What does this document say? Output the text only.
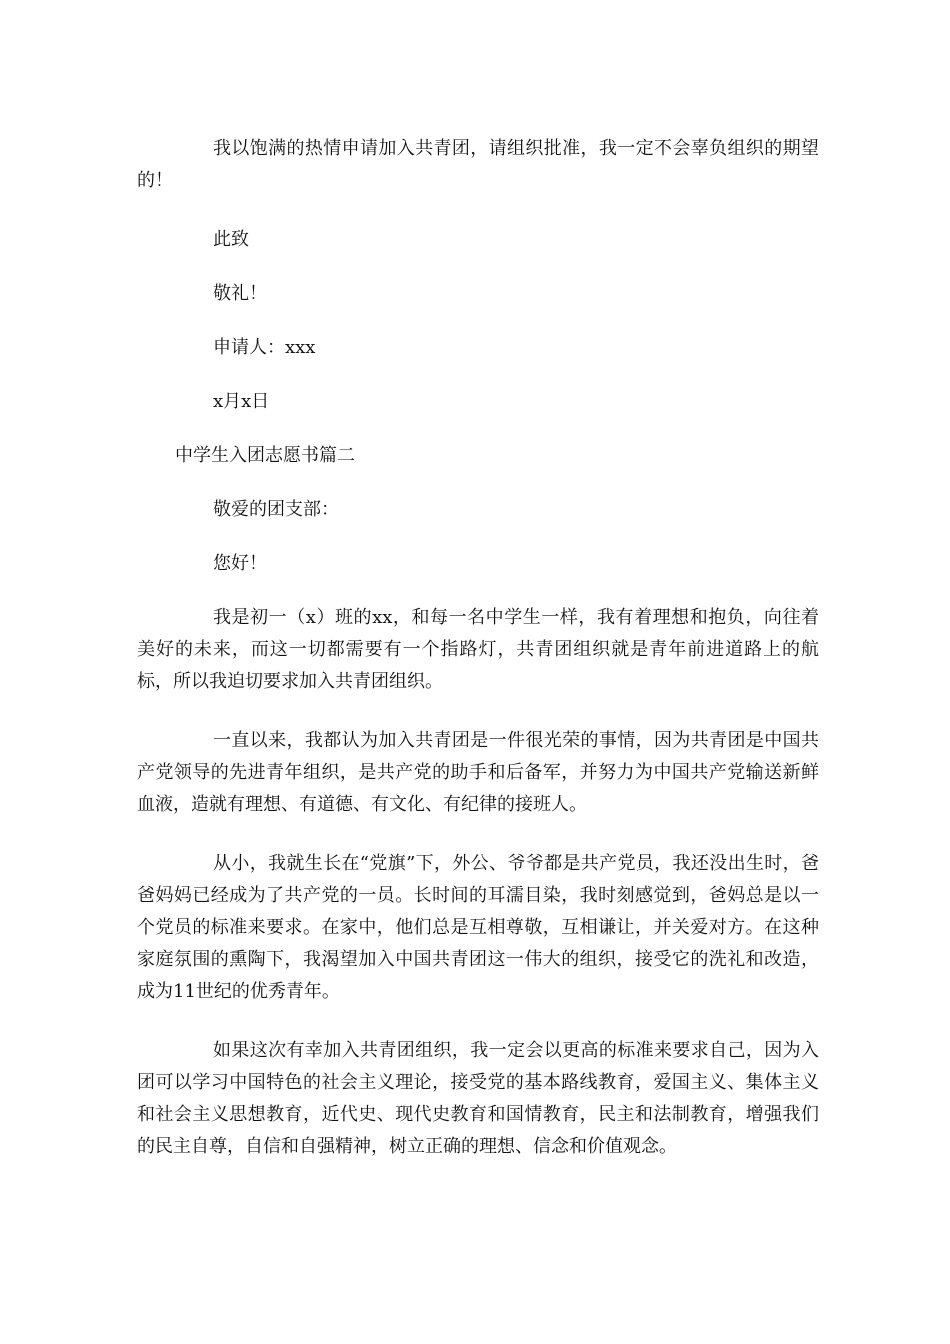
我以饱满的热情申请加入共青团，请组织批准，我一定不会辜负组织的期望的！

此致

敬礼！

申请人：xxx

x月x日

中学生入团志愿书篇二

敬爱的团支部：

您好！

我是初一（x）班的xx，和每一名中学生一样，我有着理想和抱负，向往着美好的未来，而这一切都需要有一个指路灯，共青团组织就是青年前进道路上的航标，所以我迫切要求加入共青团组织。

一直以来，我都认为加入共青团是一件很光荣的事情，因为共青团是中国共产党领导的先进青年组织，是共产党的助手和后备军，并努力为中国共产党输送新鲜血液，造就有理想、有道德、有文化、有纪律的接班人。

从小，我就生长在“党旗”下，外公、爷爷都是共产党员，我还没出生时，爸爸妈妈已经成为了共产党的一员。长时间的耳濡目染，我时刻感觉到，爸妈总是以一个党员的标准来要求。在家中，他们总是互相尊敬，互相谦让，并关爱对方。在这种家庭氛围的熏陶下，我渴望加入中国共青团这一伟大的组织，接受它的洗礼和改造，成为11世纪的优秀青年。

如果这次有幸加入共青团组织，我一定会以更高的标准来要求自己，因为入团可以学习中国特色的社会主义理论，接受党的基本路线教育，爱国主义、集体主义和社会主义思想教育，近代史、现代史教育和国情教育，民主和法制教育，增强我们的民主自尊，自信和自强精神，树立正确的理想、信念和价值观念。
